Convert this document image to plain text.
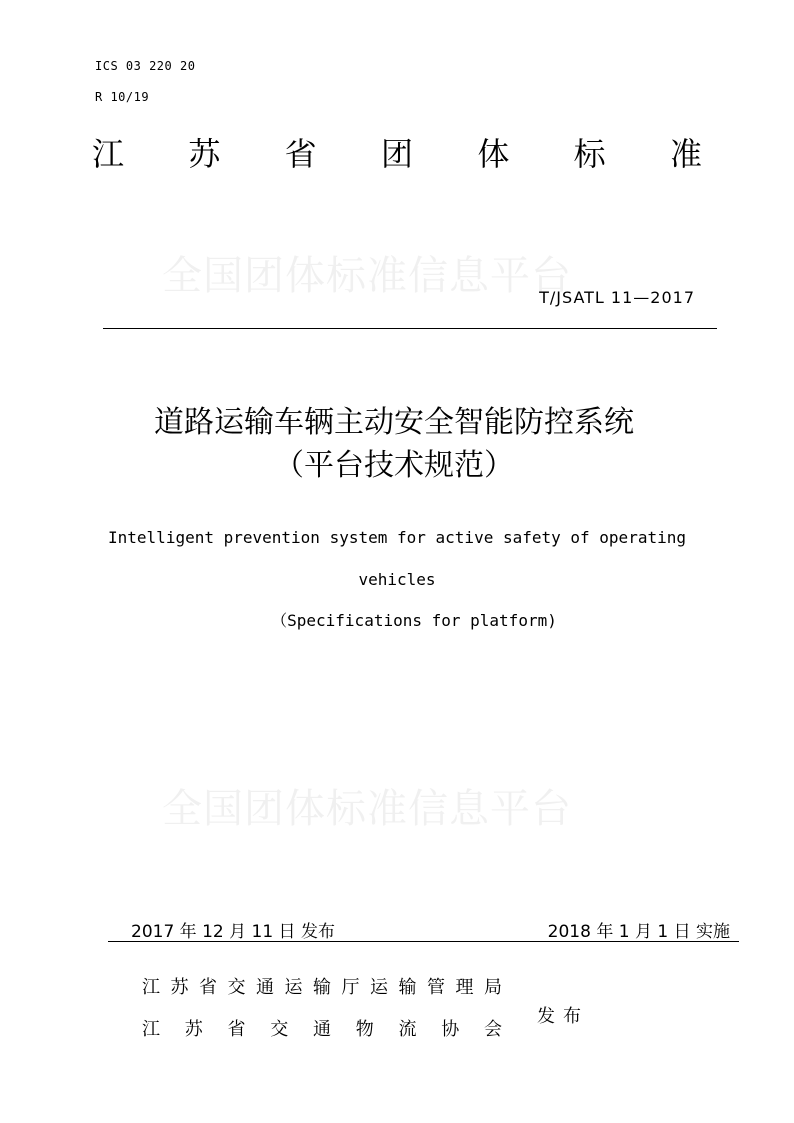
ICS 03 220 20
R 10/19
江 苏 省 团 体 标 准
全国团体标准信息平台
T/JSATL 11—2017
道路运输车辆主动安全智能防控系统
（平台技术规范）
Intelligent prevention system for active safety of operating
vehicles
（Specifications for platform)
全国团体标准信息平台
2017 年 12 月 11 日 发布	2018 年 1 月 1 日 实施
江 苏 省 交 通 运 输 厅 运 输 管 理 局
江 苏 省 交 通 物 流 协 会
发布
